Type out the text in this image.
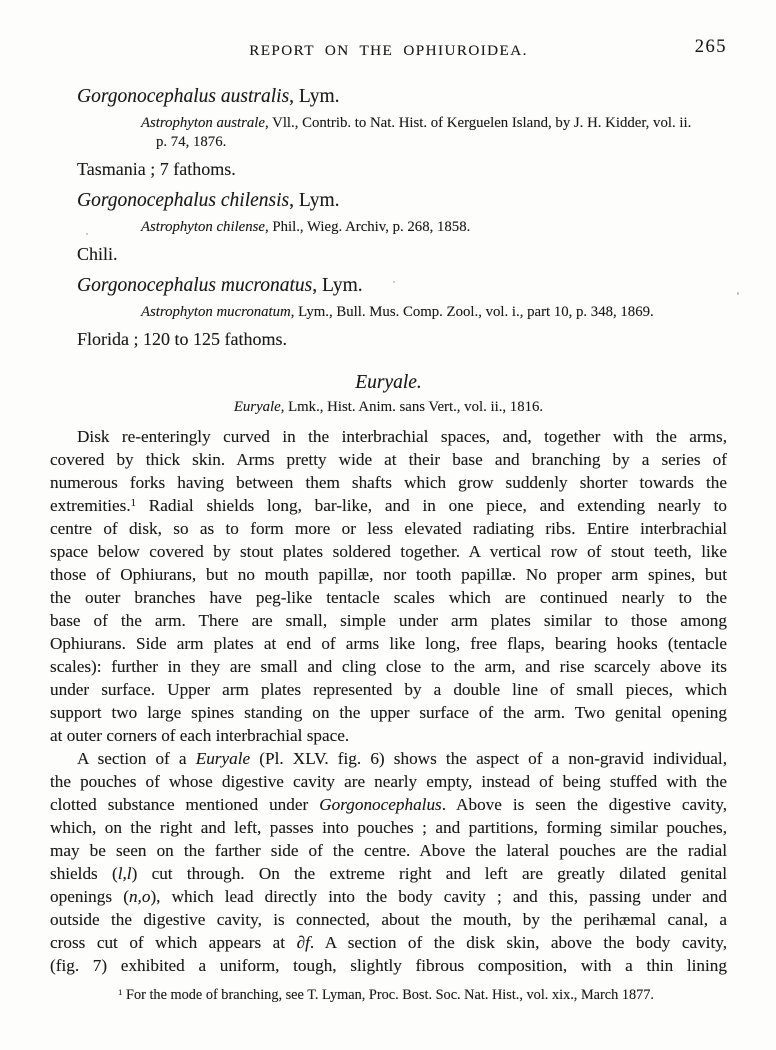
REPORT ON THE OPHIUROIDEA.	265
Gorgonocephalus australis, Lym.
Astrophyton australe, Vll., Contrib. to Nat. Hist. of Kerguelen Island, by J. H. Kidder, vol. ii.
p. 74, 1876.
Tasmania ; 7 fathoms.
Gorgonocephalus chilensis, Lym.
Astrophyton chilense, Phil., Wieg. Archiv, p. 268, 1858.
Chili.
Gorgonocephalus mucronatus, Lym.
Astrophyton mucronatum, Lym., Bull. Mus. Comp. Zool., vol. i., part 10, p. 348, 1869.
Florida ; 120 to 125 fathoms.
Euryale.
Euryale, Lmk., Hist. Anim. sans Vert., vol. ii., 1816.
Disk re-enteringly curved in the interbrachial spaces, and, together with the arms,
covered by thick skin. Arms pretty wide at their base and branching by a series of
numerous forks having between them shafts which grow suddenly shorter towards the
extremities.$^1$ Radial shields long, bar-like, and in one piece, and extending nearly to
centre of disk, so as to form more or less elevated radiating ribs. Entire interbrachial
space below covered by stout plates soldered together. A vertical row of stout teeth, like
those of Ophiurans, but no mouth papillæ, nor tooth papillæ. No proper arm spines, but
the outer branches have peg-like tentacle scales which are continued nearly to the
base of the arm. There are small, simple under arm plates similar to those among
Ophiurans. Side arm plates at end of arms like long, free flaps, bearing hooks (tentacle
scales): further in they are small and cling close to the arm, and rise scarcely above its
under surface. Upper arm plates represented by a double line of small pieces, which
support two large spines standing on the upper surface of the arm. Two genital opening
at outer corners of each interbrachial space.
A section of a Euryale (Pl. XLV. fig. 6) shows the aspect of a non-gravid individual,
the pouches of whose digestive cavity are nearly empty, instead of being stuffed with the
clotted substance mentioned under Gorgonocephalus. Above is seen the digestive cavity,
which, on the right and left, passes into pouches ; and partitions, forming similar pouches,
may be seen on the farther side of the centre. Above the lateral pouches are the radial
shields (l,l) cut through. On the extreme right and left are greatly dilated genital
openings (n,o), which lead directly into the body cavity ; and this, passing under and
outside the digestive cavity, is connected, about the mouth, by the perihæmal canal, a
cross cut of which appears at ∂f. A section of the disk skin, above the body cavity,
(fig. 7) exhibited a uniform, tough, slightly fibrous composition, with a thin lining
$^1$ For the mode of branching, see T. Lyman, Proc. Bost. Soc. Nat. Hist., vol. xix., March 1877.
